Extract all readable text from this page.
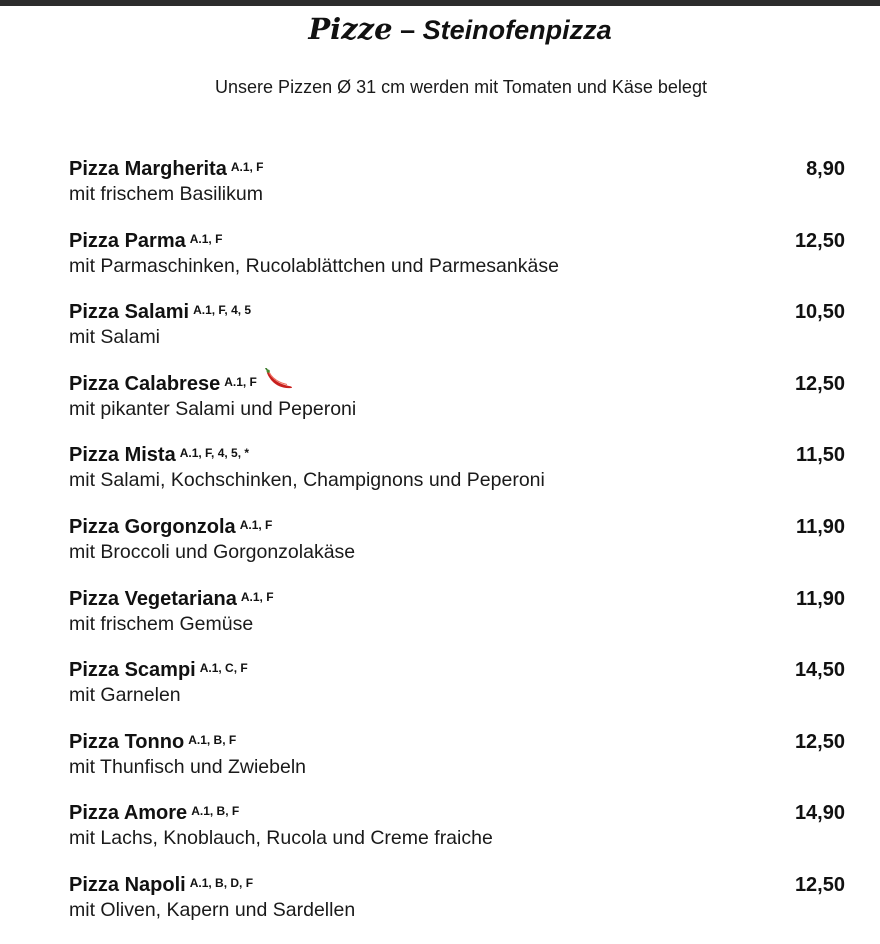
Pizze – Steinofenpizza
Unsere Pizzen Ø 31 cm werden mit Tomaten und Käse belegt
Pizza Margherita $^{A.1, F}$
mit frischem Basilikum
8,90
Pizza Parma $^{A.1, F}$
mit Parmaschinken, Rucolablättchen und Parmesankäse
12,50
Pizza Salami $^{A.1, F, 4, 5}$
mit Salami
10,50
Pizza Calabrese $^{A.1, F}$
mit pikanter Salami und Peperoni
12,50
Pizza Mista $^{A.1, F, 4, 5, *}$
mit Salami, Kochschinken, Champignons und Peperoni
11,50
Pizza Gorgonzola $^{A.1, F}$
mit Broccoli und Gorgonzolakäse
11,90
Pizza Vegetariana $^{A.1, F}$
mit frischem Gemüse
11,90
Pizza Scampi $^{A.1, C, F}$
mit Garnelen
14,50
Pizza Tonno $^{A.1, B, F}$
mit Thunfisch und Zwiebeln
12,50
Pizza Amore $^{A.1, B, F}$
mit Lachs, Knoblauch, Rucola und Creme fraiche
14,90
Pizza Napoli $^{A.1, B, D, F}$
mit Oliven, Kapern und Sardellen
12,50
